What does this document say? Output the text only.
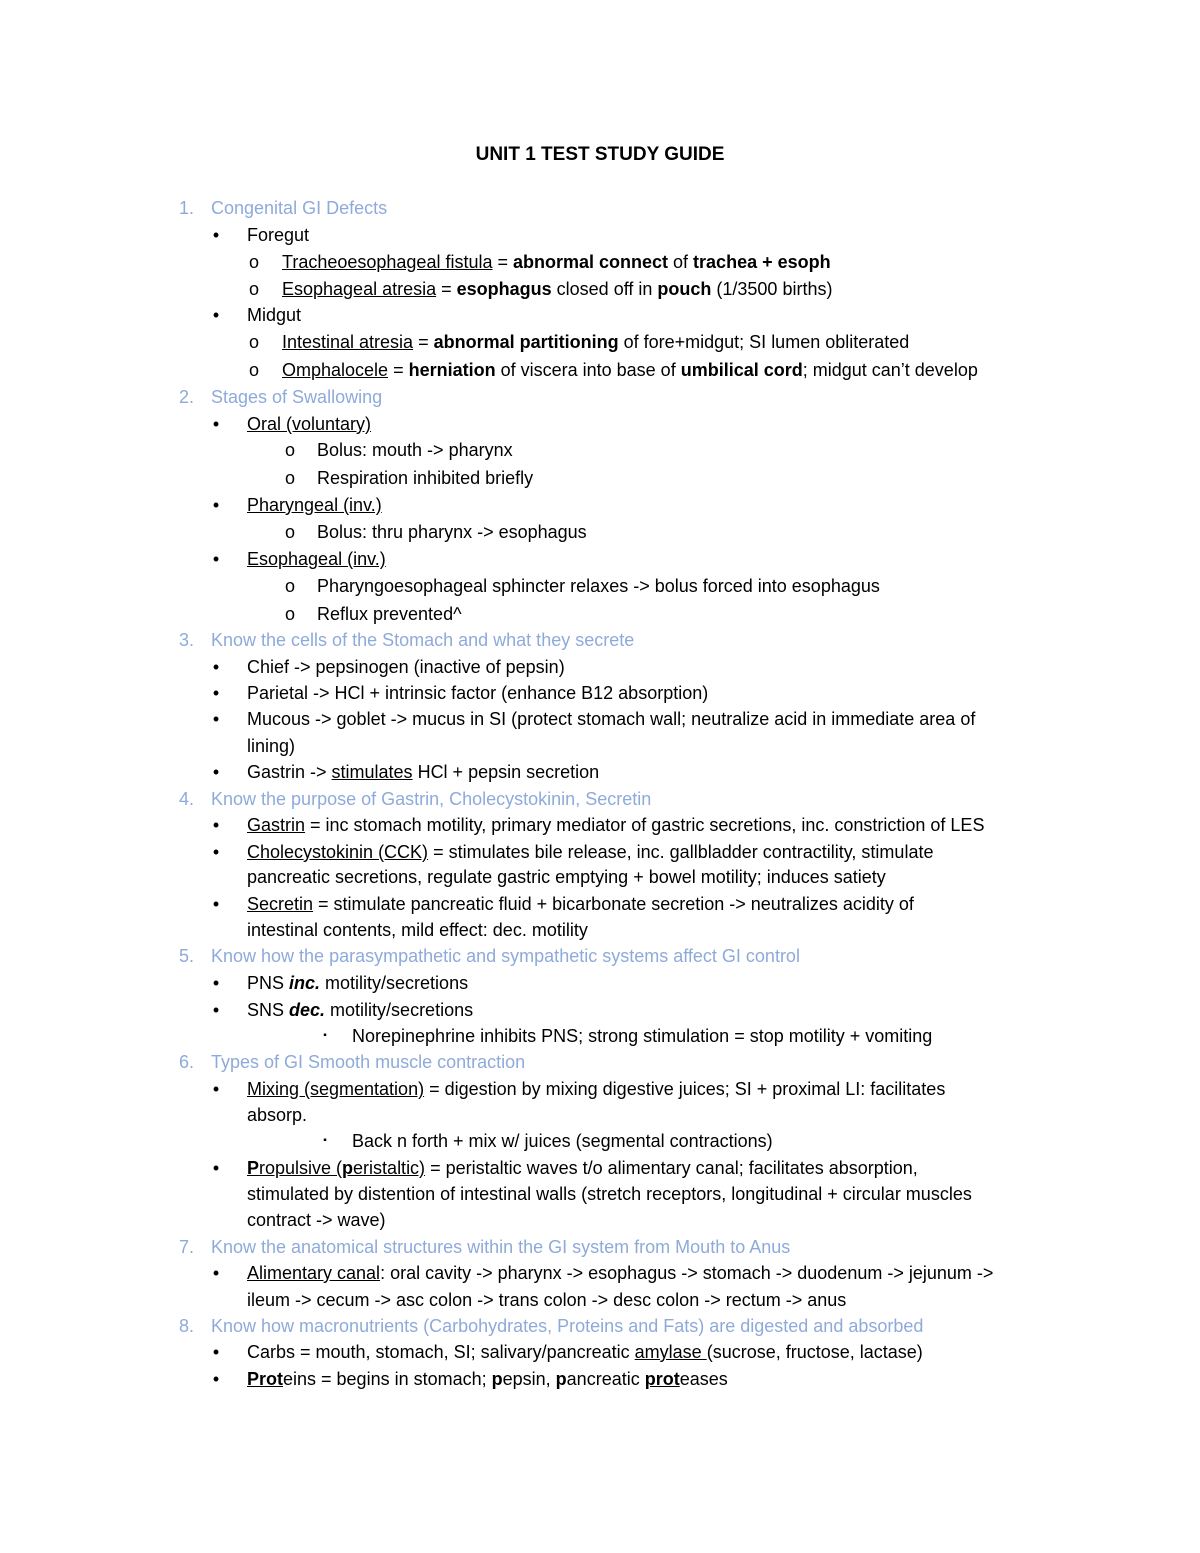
UNIT 1 TEST STUDY GUIDE
1. Congenital GI Defects
• Foregut
o Tracheoesophageal fistula = abnormal connect of trachea + esoph
o Esophageal atresia = esophagus closed off in pouch (1/3500 births)
• Midgut
o Intestinal atresia = abnormal partitioning of fore+midgut; SI lumen obliterated
o Omphalocele = herniation of viscera into base of umbilical cord; midgut can’t develop
2. Stages of Swallowing
• Oral (voluntary)
o Bolus: mouth -> pharynx
o Respiration inhibited briefly
• Pharyngeal (inv.)
o Bolus: thru pharynx -> esophagus
• Esophageal (inv.)
o Pharyngoesophageal sphincter relaxes -> bolus forced into esophagus
o Reflux prevented^
3. Know the cells of the Stomach and what they secrete
• Chief -> pepsinogen (inactive of pepsin)
• Parietal -> HCl + intrinsic factor (enhance B12 absorption)
• Mucous -> goblet -> mucus in SI (protect stomach wall; neutralize acid in immediate area of
lining)
• Gastrin -> stimulates HCl + pepsin secretion
4. Know the purpose of Gastrin, Cholecystokinin, Secretin
• Gastrin = inc stomach motility, primary mediator of gastric secretions, inc. constriction of LES
• Cholecystokinin (CCK) = stimulates bile release, inc. gallbladder contractility, stimulate
pancreatic secretions, regulate gastric emptying + bowel motility; induces satiety
• Secretin = stimulate pancreatic fluid + bicarbonate secretion -> neutralizes acidity of
intestinal contents, mild effect: dec. motility
5. Know how the parasympathetic and sympathetic systems affect GI control
• PNS inc. motility/secretions
• SNS dec. motility/secretions
▪	Norepinephrine inhibits PNS; strong stimulation = stop motility + vomiting
6. Types of GI Smooth muscle contraction
• Mixing (segmentation) = digestion by mixing digestive juices; SI + proximal LI: facilitates
absorp.
▪	Back n forth + mix w/ juices (segmental contractions)
• Propulsive (peristaltic) = peristaltic waves t/o alimentary canal; facilitates absorption,
stimulated by distention of intestinal walls (stretch receptors, longitudinal + circular muscles
contract -> wave)
7. Know the anatomical structures within the GI system from Mouth to Anus
• Alimentary canal: oral cavity -> pharynx -> esophagus -> stomach -> duodenum -> jejunum ->
ileum -> cecum -> asc colon -> trans colon -> desc colon -> rectum -> anus
8. Know how macronutrients (Carbohydrates, Proteins and Fats) are digested and absorbed
• Carbs = mouth, stomach, SI; salivary/pancreatic amylase (sucrose, fructose, lactase)
• Proteins = begins in stomach; pepsin, pancreatic proteases
